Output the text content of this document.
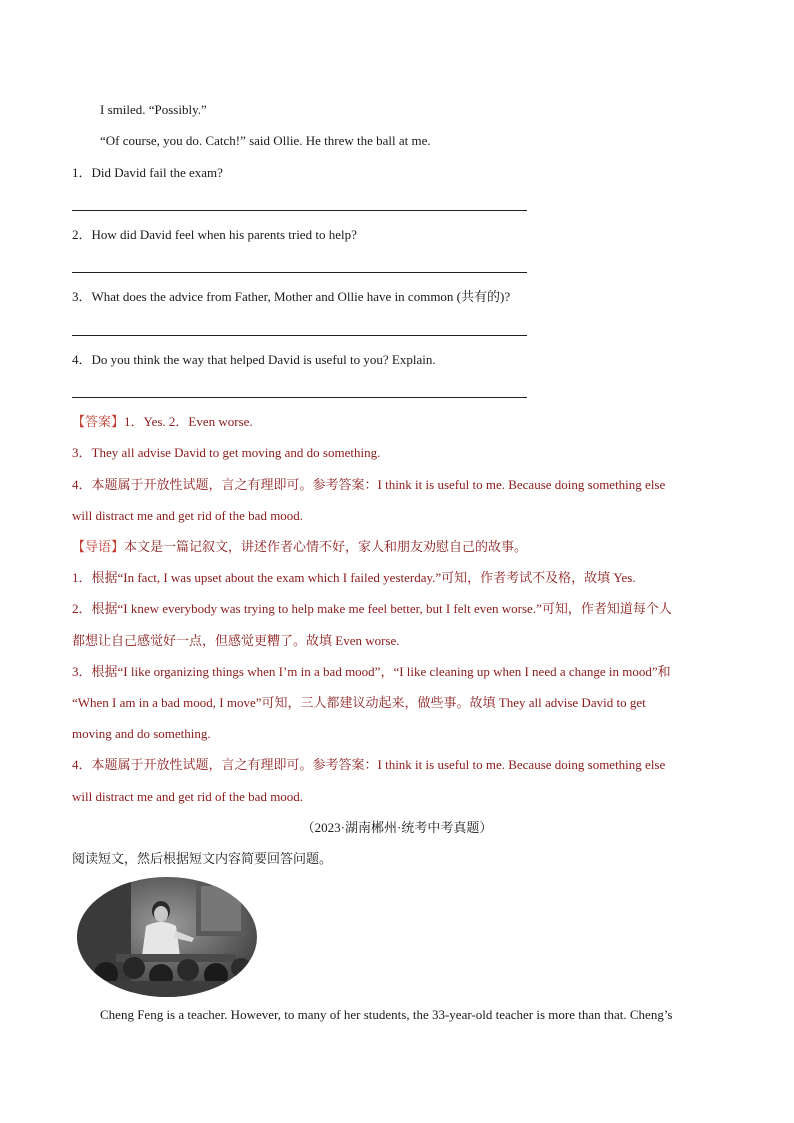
I smiled. “Possibly.”
“Of course, you do. Catch!” said Ollie. He threw the ball at me.
1．Did David fail the exam?
2．How did David feel when his parents tried to help?
3．What does the advice from Father, Mother and Ollie have in common (共有的)?
4．Do you think the way that helped David is useful to you? Explain.
【答案】1．Yes. 2．Even worse.
3．They all advise David to get moving and do something.
4．本题属于开放性试题，言之有理即可。参考答案：I think it is useful to me. Because doing something else
will distract me and get rid of the bad mood.
【导语】本文是一篇记叙文，讲述作者心情不好，家人和朋友劝慰自己的故事。
1．根据“In fact, I was upset about the exam which I failed yesterday.”可知，作者考试不及格，故填 Yes.
2．根据“I knew everybody was trying to help make me feel better, but I felt even worse.”可知，作者知道每个人
都想让自己感觉好一点，但感觉更糟了。故填 Even worse.
3．根据“I like organizing things when I’m in a bad mood”，“I like cleaning up when I need a change in mood”和
“When I am in a bad mood, I move”可知，三人都建议动起来，做些事。故填 They all advise David to get
moving and do something.
4．本题属于开放性试题，言之有理即可。参考答案：I think it is useful to me. Because doing something else
will distract me and get rid of the bad mood.
（2023·湖南郴州·统考中考真题）
阅读短文，然后根据短文内容简要回答问题。
Cheng Feng is a teacher. However, to many of her students, the 33-year-old teacher is more than that. Cheng’s
